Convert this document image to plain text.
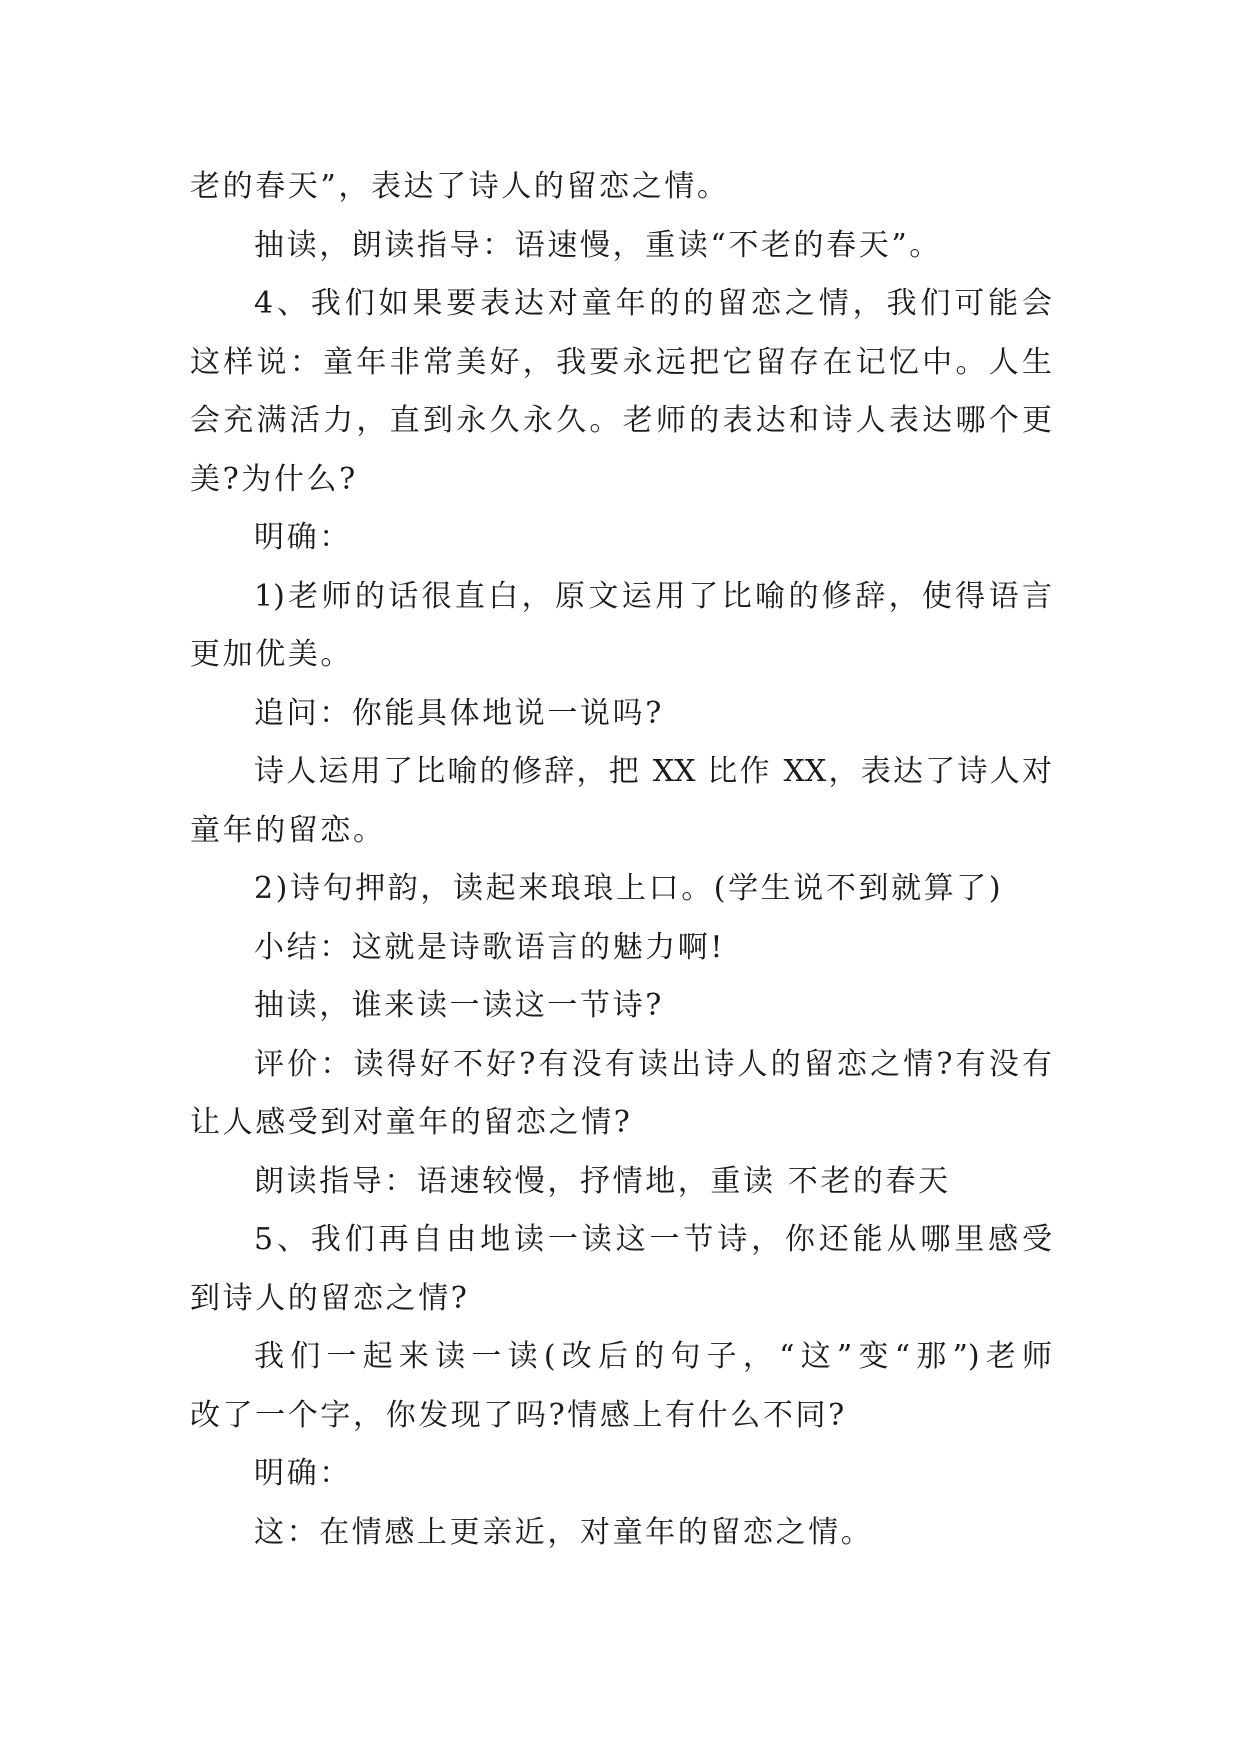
老的春天”，表达了诗人的留恋之情。
抽读，朗读指导：语速慢，重读“不老的春天”。
4、我们如果要表达对童年的的留恋之情，我们可能会
这样说：童年非常美好，我要永远把它留存在记忆中。人生
会充满活力，直到永久永久。老师的表达和诗人表达哪个更
美?为什么?
明确：
1)老师的话很直白，原文运用了比喻的修辞，使得语言
更加优美。
追问：你能具体地说一说吗?
诗人运用了比喻的修辞，把 XX 比作 XX，表达了诗人对
童年的留恋。
2)诗句押韵，读起来琅琅上口。(学生说不到就算了)
小结：这就是诗歌语言的魅力啊!
抽读，谁来读一读这一节诗?
评价：读得好不好?有没有读出诗人的留恋之情?有没有
让人感受到对童年的留恋之情?
朗读指导：语速较慢，抒情地，重读 不老的春天
5、我们再自由地读一读这一节诗，你还能从哪里感受
到诗人的留恋之情?
我们一起来读一读(改后的句子，“这”变“那”)老师
改了一个字，你发现了吗?情感上有什么不同?
明确：
这：在情感上更亲近，对童年的留恋之情。
